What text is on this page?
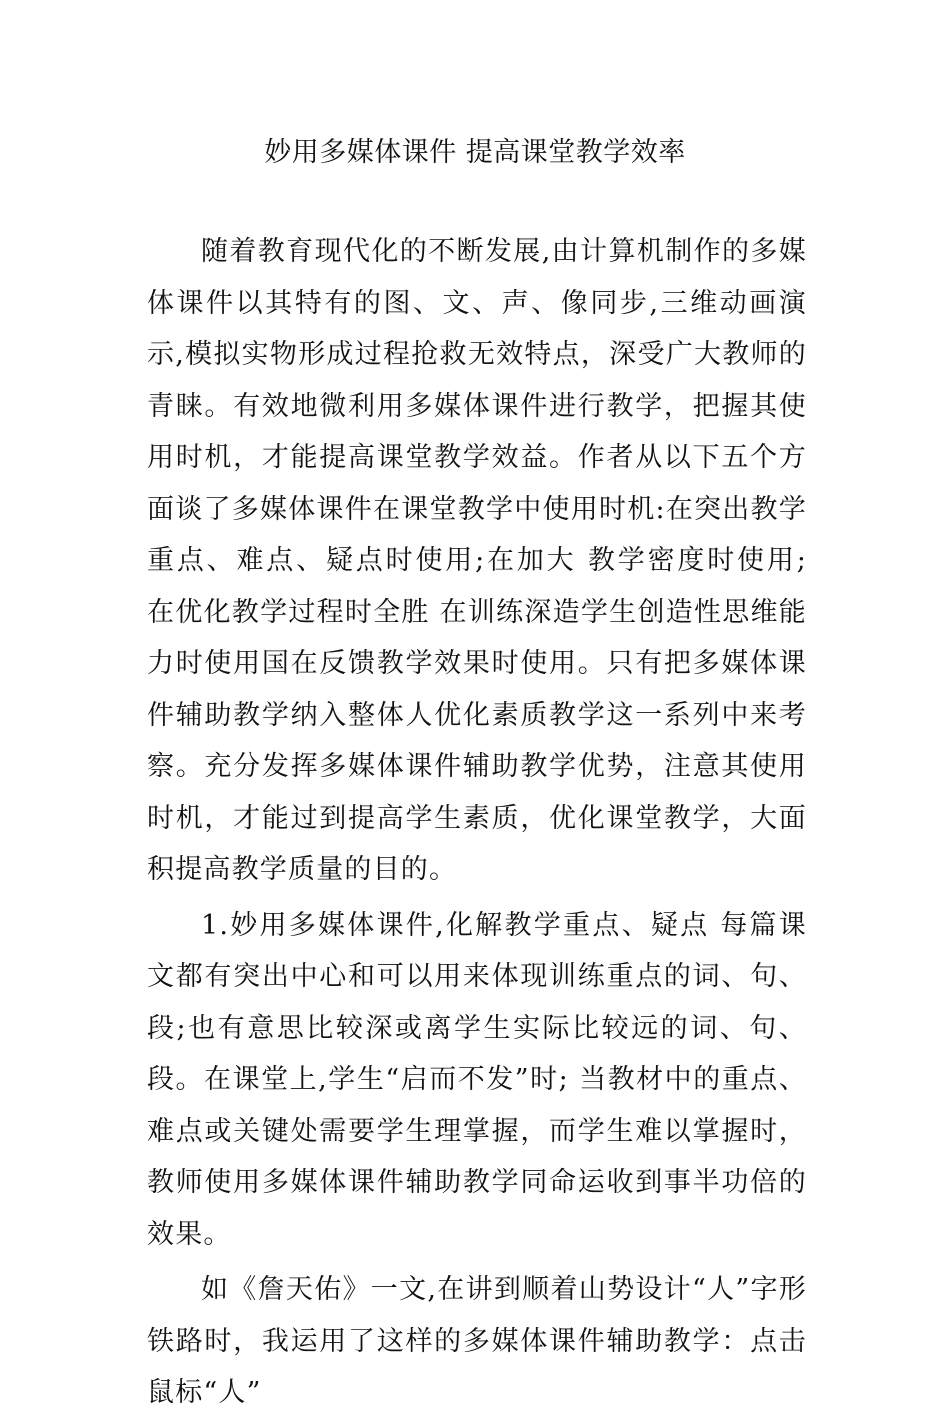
妙用多媒体课件 提高课堂教学效率

随着教育现代化的不断发展,由计算机制作的多媒体课件以其特有的图、文、声、像同步,三维动画演示,模拟实物形成过程抢救无效特点，深受广大教师的青睐。有效地微利用多媒体课件进行教学，把握其使用时机，才能提高课堂教学效益。作者从以下五个方面谈了多媒体课件在课堂教学中使用时机:在突出教学重点、难点、疑点时使用;在加大 教学密度时使用; 在优化教学过程时全胜 在训练深造学生创造性思维能力时使用国在反馈教学效果时使用。只有把多媒体课件辅助教学纳入整体人优化素质教学这一系列中来考察。充分发挥多媒体课件辅助教学优势，注意其使用时机，才能过到提高学生素质，优化课堂教学，大面积提高教学质量的目的。

1.妙用多媒体课件,化解教学重点、疑点 每篇课文都有突出中心和可以用来体现训练重点的词、句、段;也有意思比较深或离学生实际比较远的词、句、段。在课堂上,学生“启而不发”时; 当教材中的重点、难点或关键处需要学生理掌握，而学生难以掌握时，教师使用多媒体课件辅助教学同命运收到事半功倍的效果。

如《詹天佑》一文,在讲到顺着山势设计“人”字形铁路时，我运用了这样的多媒体课件辅助教学：点击鼠标“人”
